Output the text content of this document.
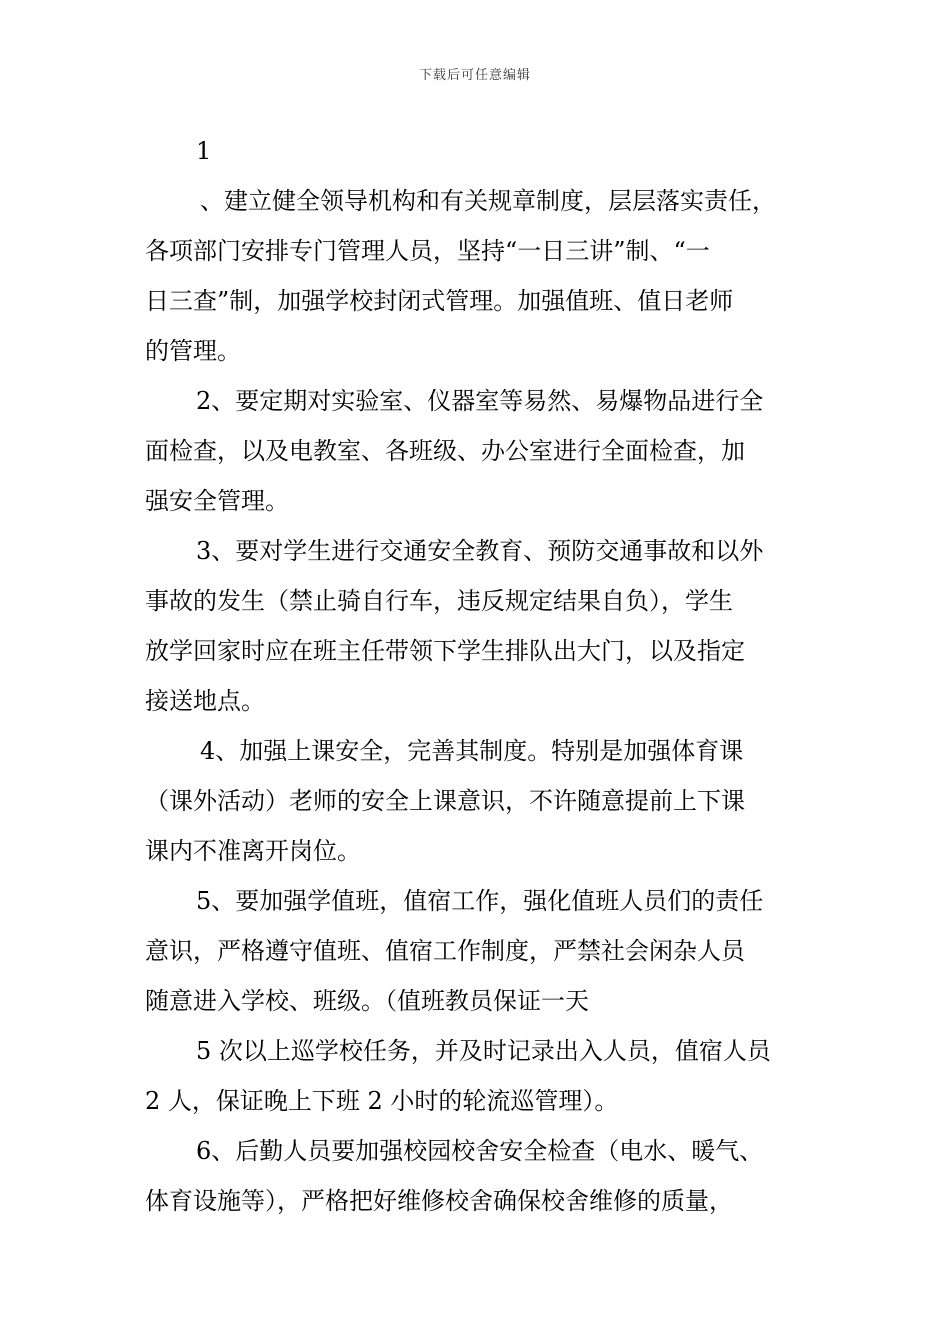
下载后可任意编辑
1
、建立健全领导机构和有关规章制度，层层落实责任，
各项部门安排专门管理人员，坚持“一日三讲”制、“一
日三查”制，加强学校封闭式管理。加强值班、值日老师
的管理。
2、要定期对实验室、仪器室等易然、易爆物品进行全
面检查，以及电教室、各班级、办公室进行全面检查，加
强安全管理。
3、要对学生进行交通安全教育、预防交通事故和以外
事故的发生（禁止骑自行车，违反规定结果自负），学生
放学回家时应在班主任带领下学生排队出大门，以及指定
接送地点。
4、加强上课安全，完善其制度。特别是加强体育课
（课外活动）老师的安全上课意识，不许随意提前上下课
课内不准离开岗位。
5、要加强学值班，值宿工作，强化值班人员们的责任
意识，严格遵守值班、值宿工作制度，严禁社会闲杂人员
随意进入学校、班级。（值班教员保证一天
5 次以上巡学校任务，并及时记录出入人员，值宿人员
2 人，保证晚上下班 2 小时的轮流巡管理）。
6、后勤人员要加强校园校舍安全检查（电水、暖气、
体育设施等），严格把好维修校舍确保校舍维修的质量，
